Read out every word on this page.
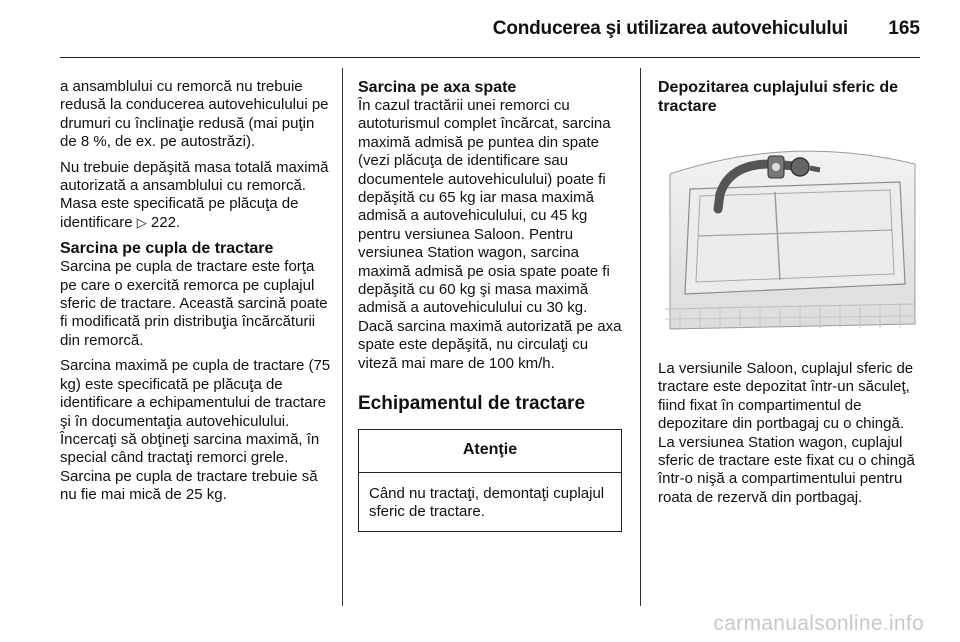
Conducerea şi utilizarea autovehiculului 165

a ansamblului cu remorcă nu trebuie redusă la conducerea autovehiculului pe drumuri cu înclinaţie redusă (mai puţin de 8 %, de ex. pe autostrăzi).

Nu trebuie depăşită masa totală maximă autorizată a ansamblului cu remorcă. Masa este specificată pe plăcuţa de identificare ▷ 222.

Sarcina pe cupla de tractare

Sarcina pe cupla de tractare este forţa pe care o exercită remorca pe cuplajul sferic de tractare. Această sarcină poate fi modificată prin distribuţia încărcăturii din remorcă.

Sarcina maximă pe cupla de tractare (75 kg) este specificată pe plăcuţa de identificare a echipamentului de tractare şi în documentaţia autovehiculului. Încercaţi să obţineţi sarcina maximă, în special când tractaţi remorci grele. Sarcina pe cupla de tractare trebuie să nu fie mai mică de 25 kg.

Sarcina pe axa spate

În cazul tractării unei remorci cu autoturismul complet încărcat, sarcina maximă admisă pe puntea din spate (vezi plăcuţa de identificare sau documentele autovehiculului) poate fi depăşită cu 65 kg iar masa maximă admisă a autovehiculului, cu 45 kg pentru versiunea Saloon. Pentru versiunea Station wagon, sarcina maximă admisă pe osia spate poate fi depăşită cu 60 kg şi masa maximă admisă a autovehiculului cu 30 kg. Dacă sarcina maximă autorizată pe axa spate este depăşită, nu circulaţi cu viteză mai mare de 100 km/h.

Echipamentul de tractare
Atenţie
Când nu tractaţi, demontaţi cuplajul sferic de tractare.
Depozitarea cuplajului sferic de tractare

La versiunile Saloon, cuplajul sferic de tractare este depozitat într-un săculeţ, fiind fixat în compartimentul de depozitare din portbagaj cu o chingă. La versiunea Station wagon, cuplajul sferic de tractare este fixat cu o chingă într-o nişă a compartimentului pentru roata de rezervă din portbagaj.

carmanualsonline.info
